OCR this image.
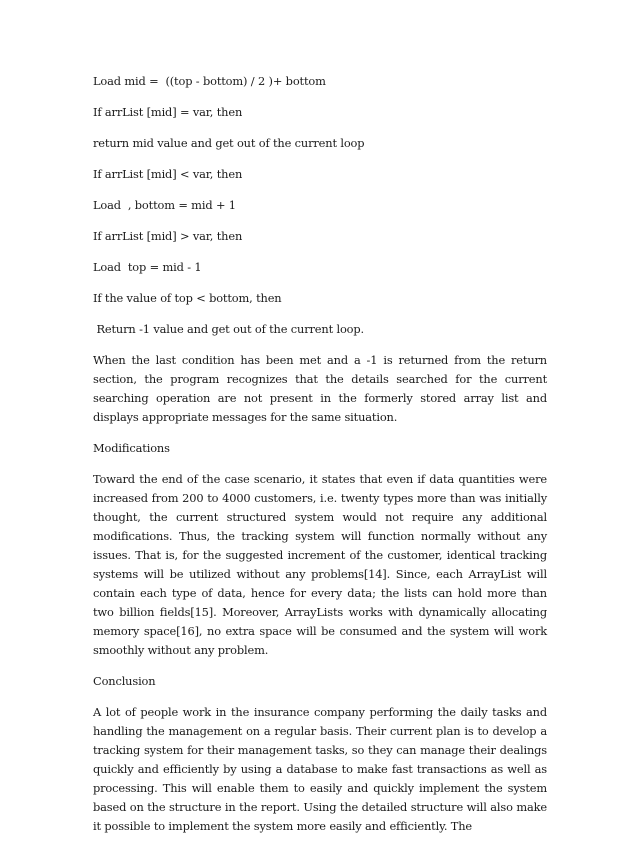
Load mid =  ((top - bottom) / 2 )+ bottom

If arrList [mid] = var, then

return mid value and get out of the current loop

If arrList [mid] < var, then

Load  , bottom = mid + 1

If arrList [mid] > var, then

Load  top = mid - 1

If the value of top < bottom, then

Return -1 value and get out of the current loop.

When the last condition has been met and a -1 is returned from the return section, the program recognizes that the details searched for the current searching operation are not present in the formerly stored array list and displays appropriate messages for the same situation.

Modifications

Toward the end of the case scenario, it states that even if data quantities were increased from 200 to 4000 customers, i.e. twenty types more than was initially thought, the current structured system would not require any additional modifications. Thus, the tracking system will function normally without any issues. That is, for the suggested increment of the customer, identical tracking systems will be utilized without any problems[14]. Since, each ArrayList will contain each type of data, hence for every data; the lists can hold more than two billion fields[15]. Moreover, ArrayLists works with dynamically allocating memory space[16], no extra space will be consumed and the system will work smoothly without any problem.

Conclusion

A lot of people work in the insurance company performing the daily tasks and handling the management on a regular basis. Their current plan is to develop a tracking system for their management tasks, so they can manage their dealings quickly and efficiently by using a database to make fast transactions as well as processing. This will enable them to easily and quickly implement the system based on the structure in the report. Using the detailed structure will also make it possible to implement the system more easily and efficiently. The
